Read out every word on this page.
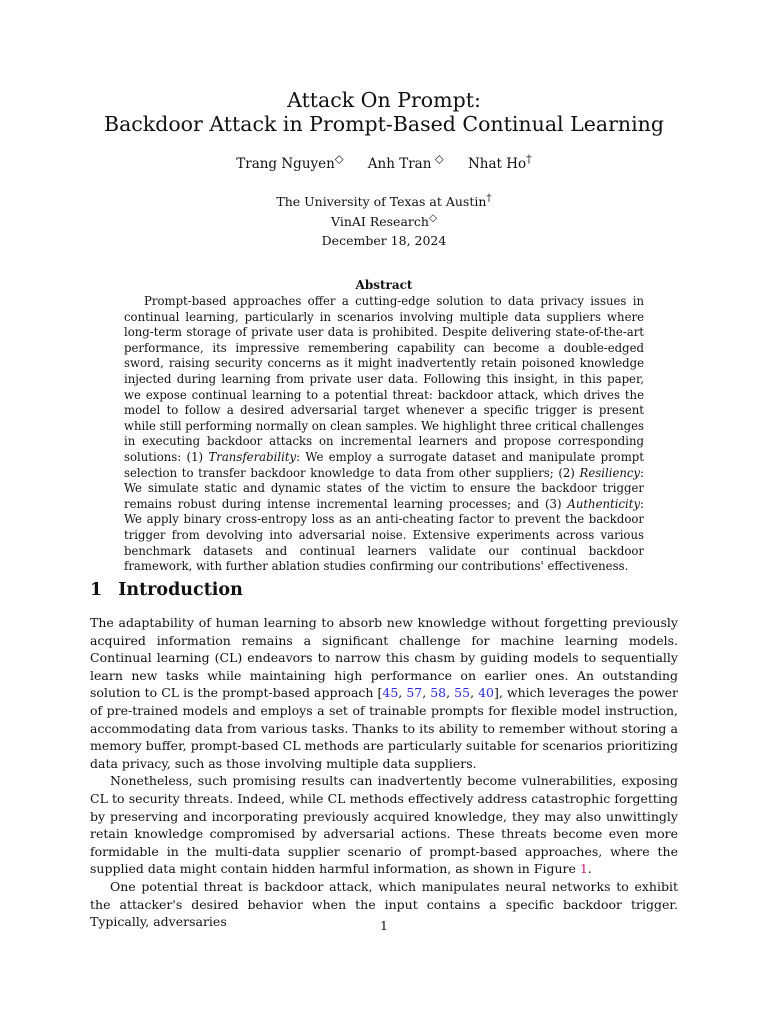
Attack On Prompt:
Backdoor Attack in Prompt-Based Continual Learning
Trang Nguyen◇ Anh Tran ◇ Nhat Ho†
The University of Texas at Austin†
VinAI Research◇
December 18, 2024
Abstract

Prompt-based approaches offer a cutting-edge solution to data privacy issues in continual learning, particularly in scenarios involving multiple data suppliers where long-term storage of private user data is prohibited. Despite delivering state-of-the-art performance, its impressive remembering capability can become a double-edged sword, raising security concerns as it might inadvertently retain poisoned knowledge injected during learning from private user data. Following this insight, in this paper, we expose continual learning to a potential threat: backdoor attack, which drives the model to follow a desired adversarial target whenever a specific trigger is present while still performing normally on clean samples. We highlight three critical challenges in executing backdoor attacks on incremental learners and propose corresponding solutions: (1) Transferability: We employ a surrogate dataset and manipulate prompt selection to transfer backdoor knowledge to data from other suppliers; (2) Resiliency: We simulate static and dynamic states of the victim to ensure the backdoor trigger remains robust during intense incremental learning processes; and (3) Authenticity: We apply binary cross-entropy loss as an anti-cheating factor to prevent the backdoor trigger from devolving into adversarial noise. Extensive experiments across various benchmark datasets and continual learners validate our continual backdoor framework, with further ablation studies confirming our contributions' effectiveness.

1 Introduction

The adaptability of human learning to absorb new knowledge without forgetting previously acquired information remains a significant challenge for machine learning models. Continual learning (CL) endeavors to narrow this chasm by guiding models to sequentially learn new tasks while maintaining high performance on earlier ones. An outstanding solution to CL is the prompt-based approach [45, 57, 58, 55, 40], which leverages the power of pre-trained models and employs a set of trainable prompts for flexible model instruction, accommodating data from various tasks. Thanks to its ability to remember without storing a memory buffer, prompt-based CL methods are particularly suitable for scenarios prioritizing data privacy, such as those involving multiple data suppliers.

Nonetheless, such promising results can inadvertently become vulnerabilities, exposing CL to security threats. Indeed, while CL methods effectively address catastrophic forgetting by preserving and incorporating previously acquired knowledge, they may also unwittingly retain knowledge compromised by adversarial actions. These threats become even more formidable in the multi-data supplier scenario of prompt-based approaches, where the supplied data might contain hidden harmful information, as shown in Figure 1.

One potential threat is backdoor attack, which manipulates neural networks to exhibit the attacker's desired behavior when the input contains a specific backdoor trigger. Typically, adversaries	1
